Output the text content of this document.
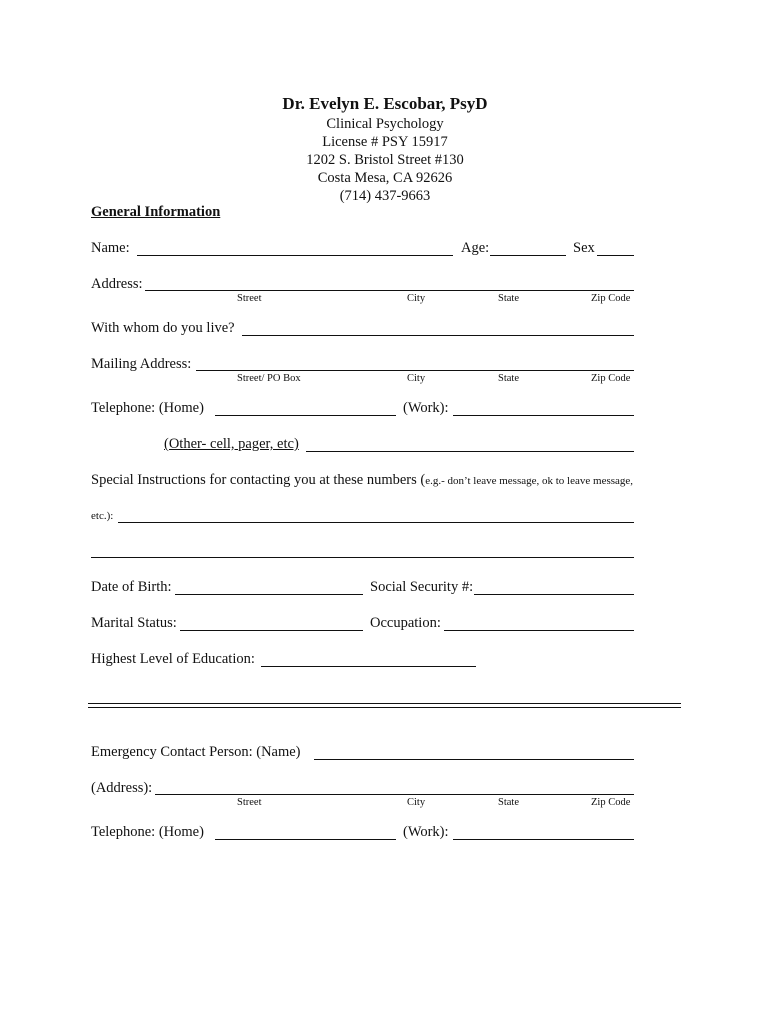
Dr. Evelyn E. Escobar, PsyD
Clinical Psychology
License # PSY 15917
1202 S. Bristol Street #130
Costa Mesa, CA 92626
(714) 437-9663
General Information
Name:	Age:	Sex
Address:
Street	City	State	Zip Code
With whom do you live?
Mailing Address:
Street/ PO Box	City	State	Zip Code
Telephone: (Home)	(Work):
(Other- cell, pager, etc)
Special Instructions for contacting you at these numbers (e.g.- don’t leave message, ok to leave message,
etc.):
Date of Birth:	Social Security #:
Marital Status:	Occupation:
Highest Level of Education:
Emergency Contact Person: (Name)
(Address):
Street	City	State	Zip Code
Telephone: (Home)	(Work):
